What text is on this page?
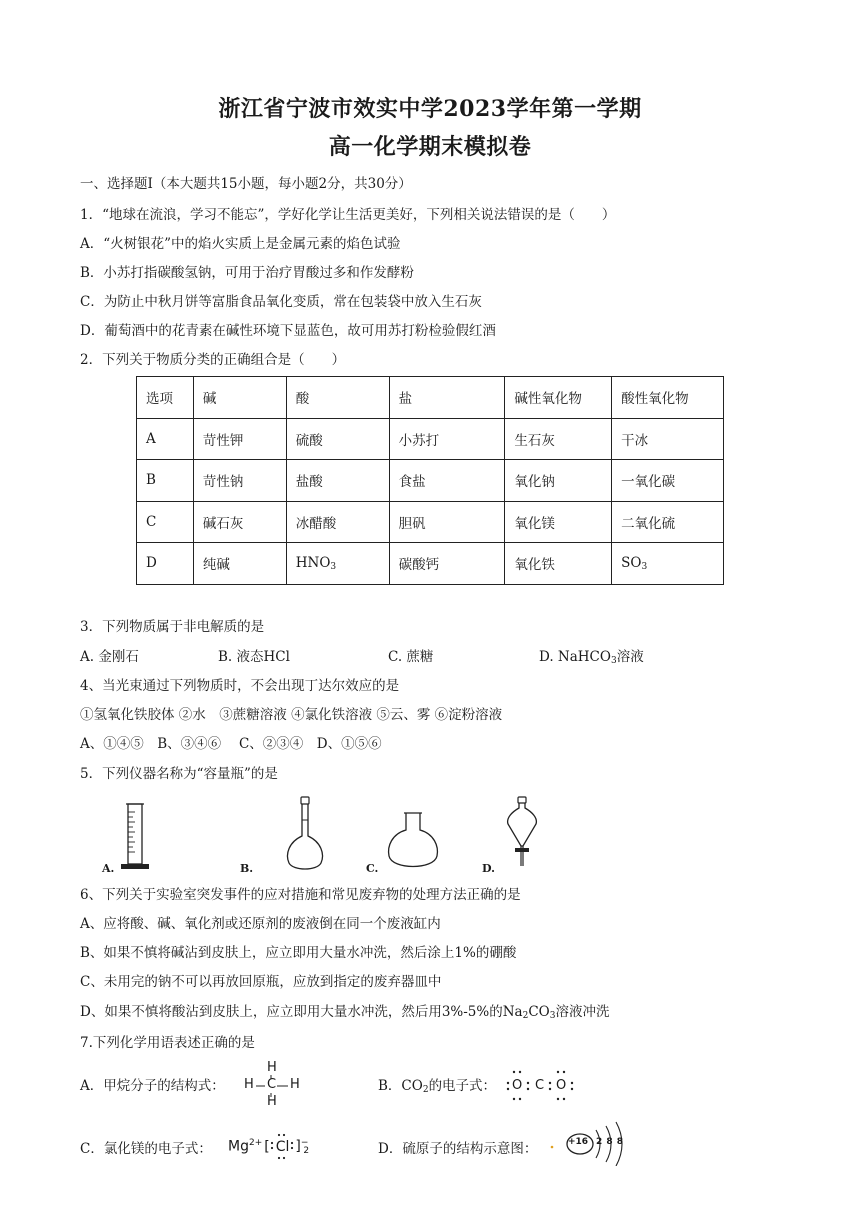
浙江省宁波市效实中学2023学年第一学期
高一化学期末模拟卷
一、选择题Ⅰ（本大题共15小题，每小题2分，共30分）
1．“地球在流浪，学习不能忘”，学好化学让生活更美好，下列相关说法错误的是（　　）
A．“火树银花”中的焰火实质上是金属元素的焰色试验
B．小苏打指碳酸氢钠，可用于治疗胃酸过多和作发酵粉
C．为防止中秋月饼等富脂食品氧化变质，常在包装袋中放入生石灰
D．葡萄酒中的花青素在碱性环境下显蓝色，故可用苏打粉检验假红酒
2．下列关于物质分类的正确组合是（　　）
选项	碱	酸	盐	碱性氧化物	酸性氧化物
A	苛性钾	硫酸	小苏打	生石灰	干冰
B	苛性钠	盐酸	食盐	氧化钠	一氧化碳
C	碱石灰	冰醋酸	胆矾	氧化镁	二氧化硫
D	纯碱	$HNO_3$	碳酸钙	氧化铁	$SO_3$
3．下列物质属于非电解质的是
A. 金刚石	B. 液态HCl	C. 蔗糖	D. NaHCO$_3$溶液
4、当光束通过下列物质时，不会出现丁达尔效应的是
①氢氧化铁胶体 ②水　③蔗糖溶液 ④氯化铁溶液 ⑤云、雾 ⑥淀粉溶液
A、①④⑤　B、③④⑥　 C、②③④　D、①⑤⑥
5．下列仪器名称为“容量瓶”的是
A.	B.	C.	D.
6、下列关于实验室突发事件的应对措施和常见废弃物的处理方法正确的是
A、应将酸、碱、氧化剂或还原剂的废液倒在同一个废液缸内
B、如果不慎将碱沾到皮肤上，应立即用大量水冲洗，然后涂上1%的硼酸
C、未用完的钠不可以再放回原瓶，应放到指定的废弃器皿中
D、如果不慎将酸沾到皮肤上，应立即用大量水冲洗，然后用3%-5%的$Na_2CO_3$溶液冲洗
7.下列化学用语表述正确的是
A．甲烷分子的结构式：
H
H C H
H
B．$CO_2$的电子式： O C O
C．氯化镁的电子式： $Mg^{2+}$ [ Cl ]$^-_2$	D．硫原子的结构示意图：	+16 2 8 8
